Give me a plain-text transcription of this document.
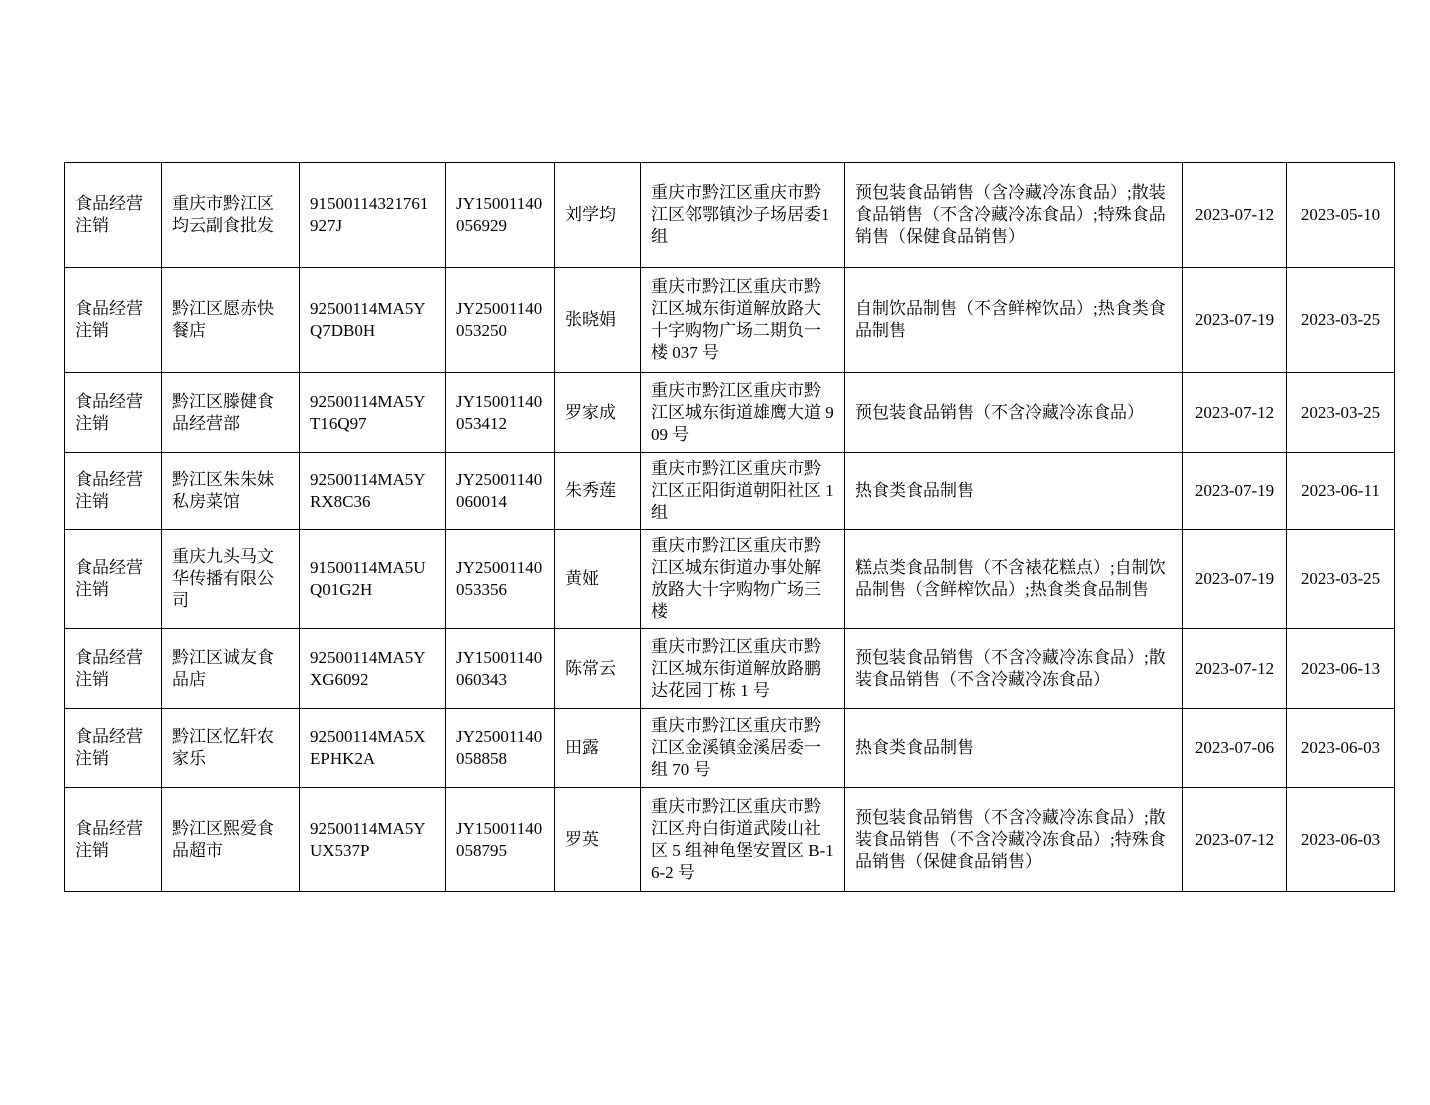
食品经营注销	重庆市黔江区均云副食批发	91500114321761927J	JY15001140056929	刘学均	重庆市黔江区重庆市黔江区邻鄂镇沙子场居委1组	预包装食品销售（含冷藏冷冻食品）;散装食品销售（不含冷藏冷冻食品）;特殊食品销售（保健食品销售）	2023-07-12	2023-05-10
食品经营注销	黔江区愿赤快餐店	92500114MA5YQ7DB0H	JY25001140053250	张晓娟	重庆市黔江区重庆市黔江区城东街道解放路大十字购物广场二期负一楼 037 号	自制饮品制售（不含鲜榨饮品）;热食类食品制售	2023-07-19	2023-03-25
食品经营注销	黔江区滕健食品经营部	92500114MA5YT16Q97	JY15001140053412	罗家成	重庆市黔江区重庆市黔江区城东街道雄鹰大道 909 号	预包装食品销售（不含冷藏冷冻食品）	2023-07-12	2023-03-25
食品经营注销	黔江区朱朱妹私房菜馆	92500114MA5YRX8C36	JY25001140060014	朱秀莲	重庆市黔江区重庆市黔江区正阳街道朝阳社区 1 组	热食类食品制售	2023-07-19	2023-06-11
食品经营注销	重庆九头马文华传播有限公司	91500114MA5UQ01G2H	JY25001140053356	黄娅	重庆市黔江区重庆市黔江区城东街道办事处解放路大十字购物广场三楼	糕点类食品制售（不含裱花糕点）;自制饮品制售（含鲜榨饮品）;热食类食品制售	2023-07-19	2023-03-25
食品经营注销	黔江区诚友食品店	92500114MA5YXG6092	JY15001140060343	陈常云	重庆市黔江区重庆市黔江区城东街道解放路鹏达花园丁栋 1 号	预包装食品销售（不含冷藏冷冻食品）;散装食品销售（不含冷藏冷冻食品）	2023-07-12	2023-06-13
食品经营注销	黔江区忆轩农家乐	92500114MA5XEPHK2A	JY25001140058858	田露	重庆市黔江区重庆市黔江区金溪镇金溪居委一组 70 号	热食类食品制售	2023-07-06	2023-06-03
食品经营注销	黔江区熙爱食品超市	92500114MA5YUX537P	JY15001140058795	罗英	重庆市黔江区重庆市黔江区舟白街道武陵山社区 5 组神龟堡安置区 B-16-2 号	预包装食品销售（不含冷藏冷冻食品）;散装食品销售（不含冷藏冷冻食品）;特殊食品销售（保健食品销售）	2023-07-12	2023-06-03
